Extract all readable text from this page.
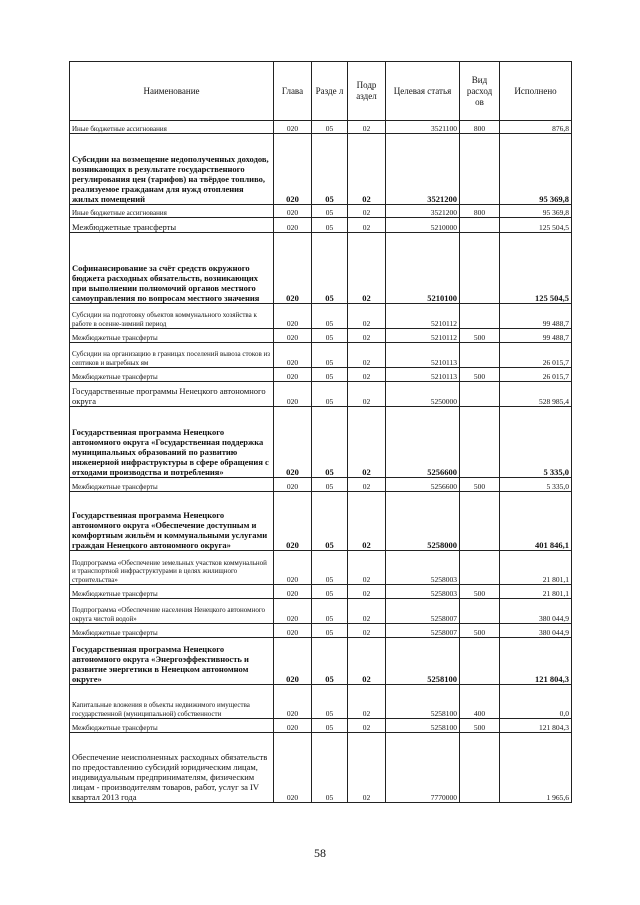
Наименование	Глава	Разде л	Подр аздел	Целевая статья	Вид расход ов	Исполнено
Иные бюджетные ассигнования	020	05	02	3521100	800	876,8
Субсидии на возмещение недополученных доходов, возникающих в результате государственного регулирования цен (тарифов) на твёрдое топливо, реализуемое гражданам для нужд отопления жилых помещений	020	05	02	3521200		95 369,8
Иные бюджетные ассигнования	020	05	02	3521200	800	95 369,8
Межбюджетные трансферты	020	05	02	5210000		125 504,5
Софинансирование за счёт средств окружного бюджета расходных обязательств, возникающих при выполнении полномочий органов местного самоуправления по вопросам местного значения	020	05	02	5210100		125 504,5
Субсидии на подготовку объектов коммунального хозяйства к работе в осенне-зимний период	020	05	02	5210112		99 488,7
Межбюджетные трансферты	020	05	02	5210112	500	99 488,7
Субсидии на организацию в границах поселений вывоза стоков из септиков и выгребных ям	020	05	02	5210113		26 015,7
Межбюджетные трансферты	020	05	02	5210113	500	26 015,7
Государственные программы Ненецкого автономного округа	020	05	02	5250000		528 985,4
Государственная программа Ненецкого автономного округа «Государственная поддержка муниципальных образований по развитию инженерной инфраструктуры в сфере обращения с отходами производства и потребления»	020	05	02	5256600		5 335,0
Межбюджетные трансферты	020	05	02	5256600	500	5 335,0
Государственная программа Ненецкого автономного округа «Обеспечение доступным и комфортным жильём и коммунальными услугами граждан Ненецкого автономного округа»	020	05	02	5258000		401 846,1
Подпрограмма «Обеспечение земельных участков коммунальной и транспортной инфраструктурами в целях жилищного строительства»	020	05	02	5258003		21 801,1
Межбюджетные трансферты	020	05	02	5258003	500	21 801,1
Подпрограмма «Обеспечение населения Ненецкого автономного округа чистой водой»	020	05	02	5258007		380 044,9
Межбюджетные трансферты	020	05	02	5258007	500	380 044,9
Государственная программа Ненецкого автономного округа «Энергоэффективность и развитие энергетики в Ненецком автономном округе»	020	05	02	5258100		121 804,3
Капитальные вложения в объекты недвижимого имущества государственной (муниципальной) собственности	020	05	02	5258100	400	0,0
Межбюджетные трансферты	020	05	02	5258100	500	121 804,3
Обеспечение неисполненных расходных обязательств по предоставлению субсидий юридическим лицам, индивидуальным предпринимателям, физическим лицам - производителям товаров, работ, услуг за IV квартал 2013 года	020	05	02	7770000		1 965,6
58
